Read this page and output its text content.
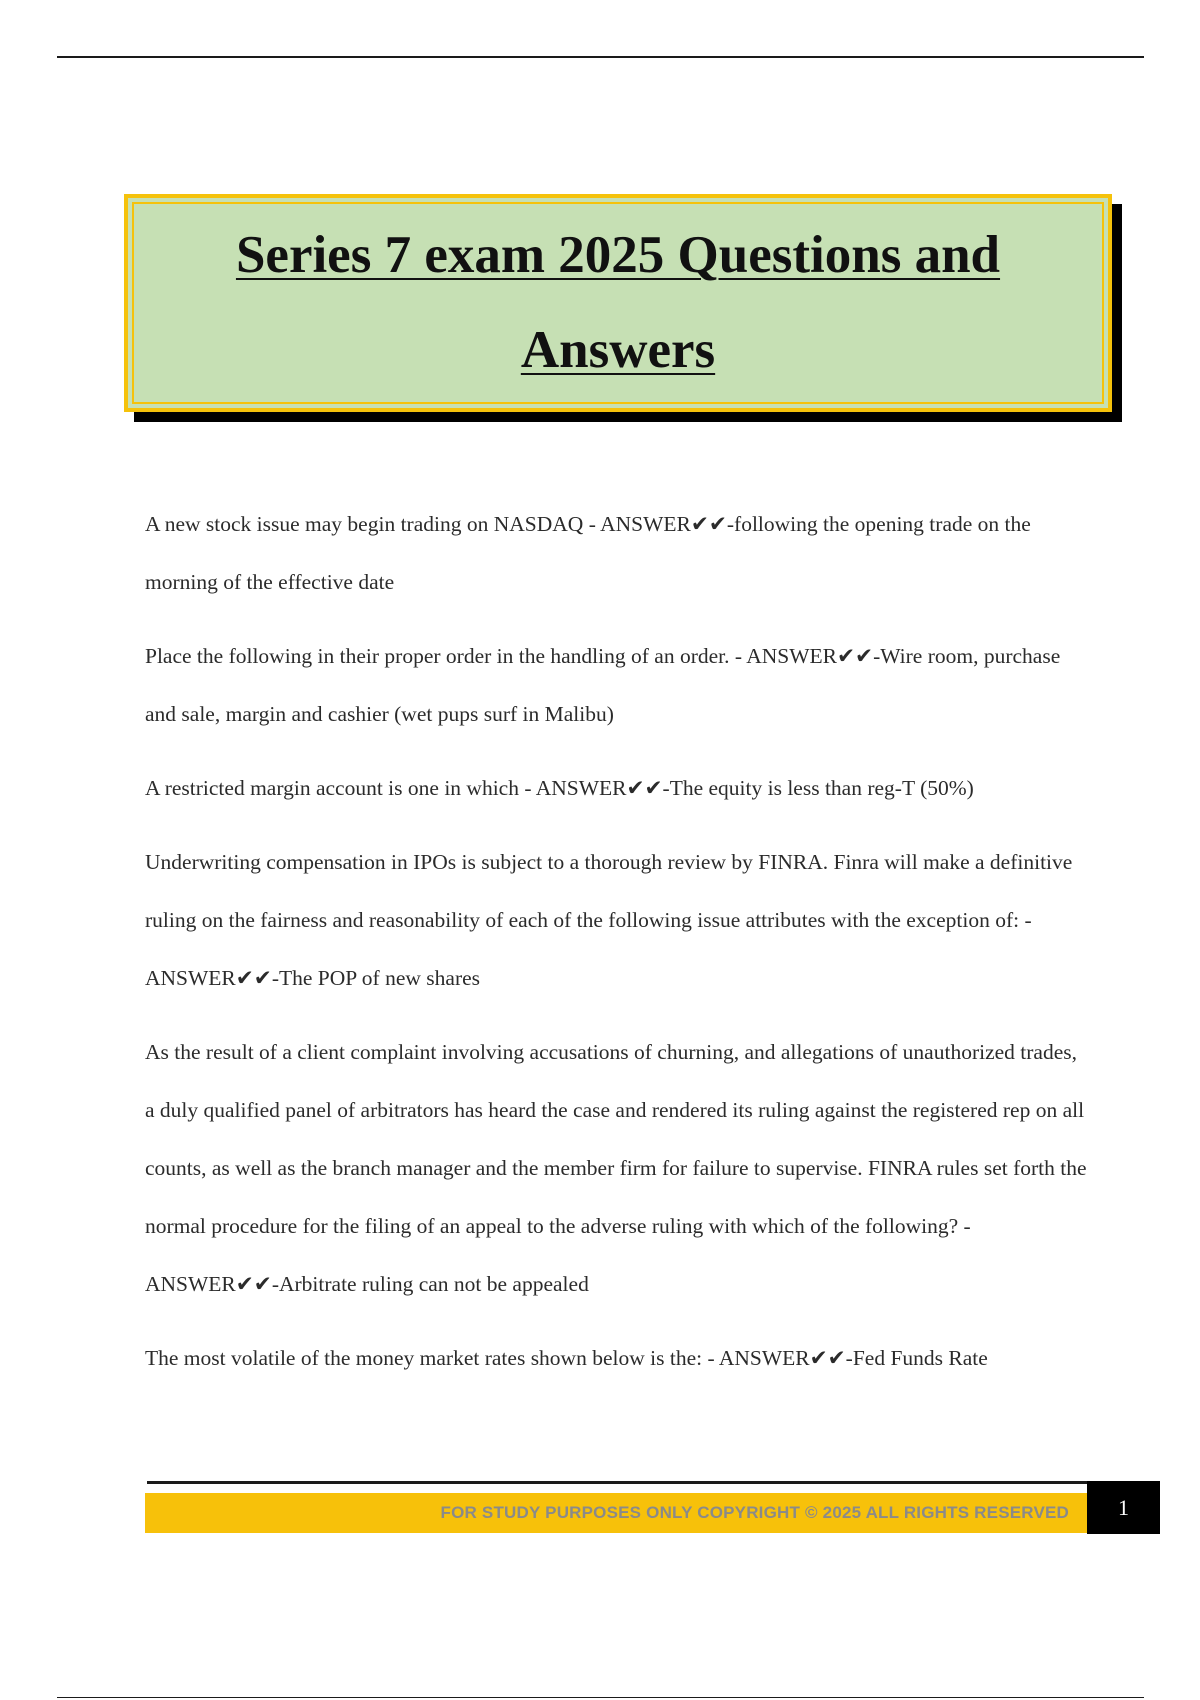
Series 7 exam 2025 Questions and
Answers

A new stock issue may begin trading on NASDAQ - ANSWER✔✔-following the opening trade on the morning of the effective date

Place the following in their proper order in the handling of an order. - ANSWER✔✔-Wire room, purchase and sale, margin and cashier (wet pups surf in Malibu)

A restricted margin account is one in which - ANSWER✔✔-The equity is less than reg-T (50%)

Underwriting compensation in IPOs is subject to a thorough review by FINRA. Finra will make a definitive ruling on the fairness and reasonability of each of the following issue attributes with the exception of: - ANSWER✔✔-The POP of new shares

As the result of a client complaint involving accusations of churning, and allegations of unauthorized trades, a duly qualified panel of arbitrators has heard the case and rendered its ruling against the registered rep on all counts, as well as the branch manager and the member firm for failure to supervise. FINRA rules set forth the normal procedure for the filing of an appeal to the adverse ruling with which of the following? - ANSWER✔✔-Arbitrate ruling can not be appealed

The most volatile of the money market rates shown below is the: - ANSWER✔✔-Fed Funds Rate

FOR STUDY PURPOSES ONLY COPYRIGHT © 2025 ALL RIGHTS RESERVED	1
